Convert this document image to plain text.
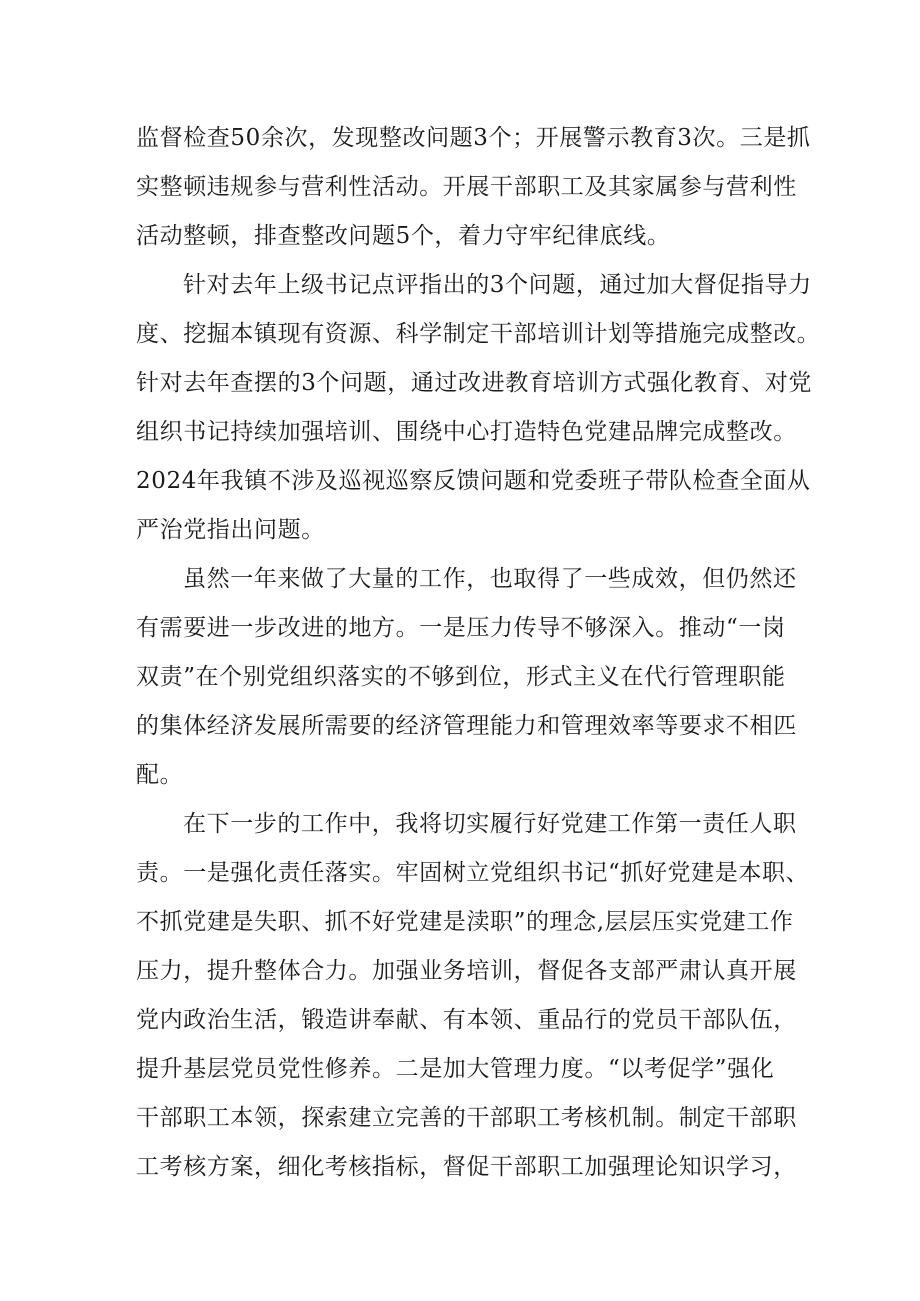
监督检查50余次，发现整改问题3个；开展警示教育3次。三是抓
实整顿违规参与营利性活动。开展干部职工及其家属参与营利性
活动整顿，排查整改问题5个，着力守牢纪律底线。
针对去年上级书记点评指出的3个问题，通过加大督促指导力
度、挖掘本镇现有资源、科学制定干部培训计划等措施完成整改。
针对去年查摆的3个问题，通过改进教育培训方式强化教育、对党
组织书记持续加强培训、围绕中心打造特色党建品牌完成整改。
2024年我镇不涉及巡视巡察反馈问题和党委班子带队检查全面从
严治党指出问题。
虽然一年来做了大量的工作，也取得了一些成效，但仍然还
有需要进一步改进的地方。一是压力传导不够深入。推动“一岗
双责”在个别党组织落实的不够到位，形式主义在代行管理职能
的集体经济发展所需要的经济管理能力和管理效率等要求不相匹
配。
在下一步的工作中，我将切实履行好党建工作第一责任人职
责。一是强化责任落实。牢固树立党组织书记“抓好党建是本职、
不抓党建是失职、抓不好党建是渎职”的理念,层层压实党建工作
压力，提升整体合力。加强业务培训，督促各支部严肃认真开展
党内政治生活，锻造讲奉献、有本领、重品行的党员干部队伍，
提升基层党员党性修养。二是加大管理力度。“以考促学”强化
干部职工本领，探索建立完善的干部职工考核机制。制定干部职
工考核方案，细化考核指标，督促干部职工加强理论知识学习，
